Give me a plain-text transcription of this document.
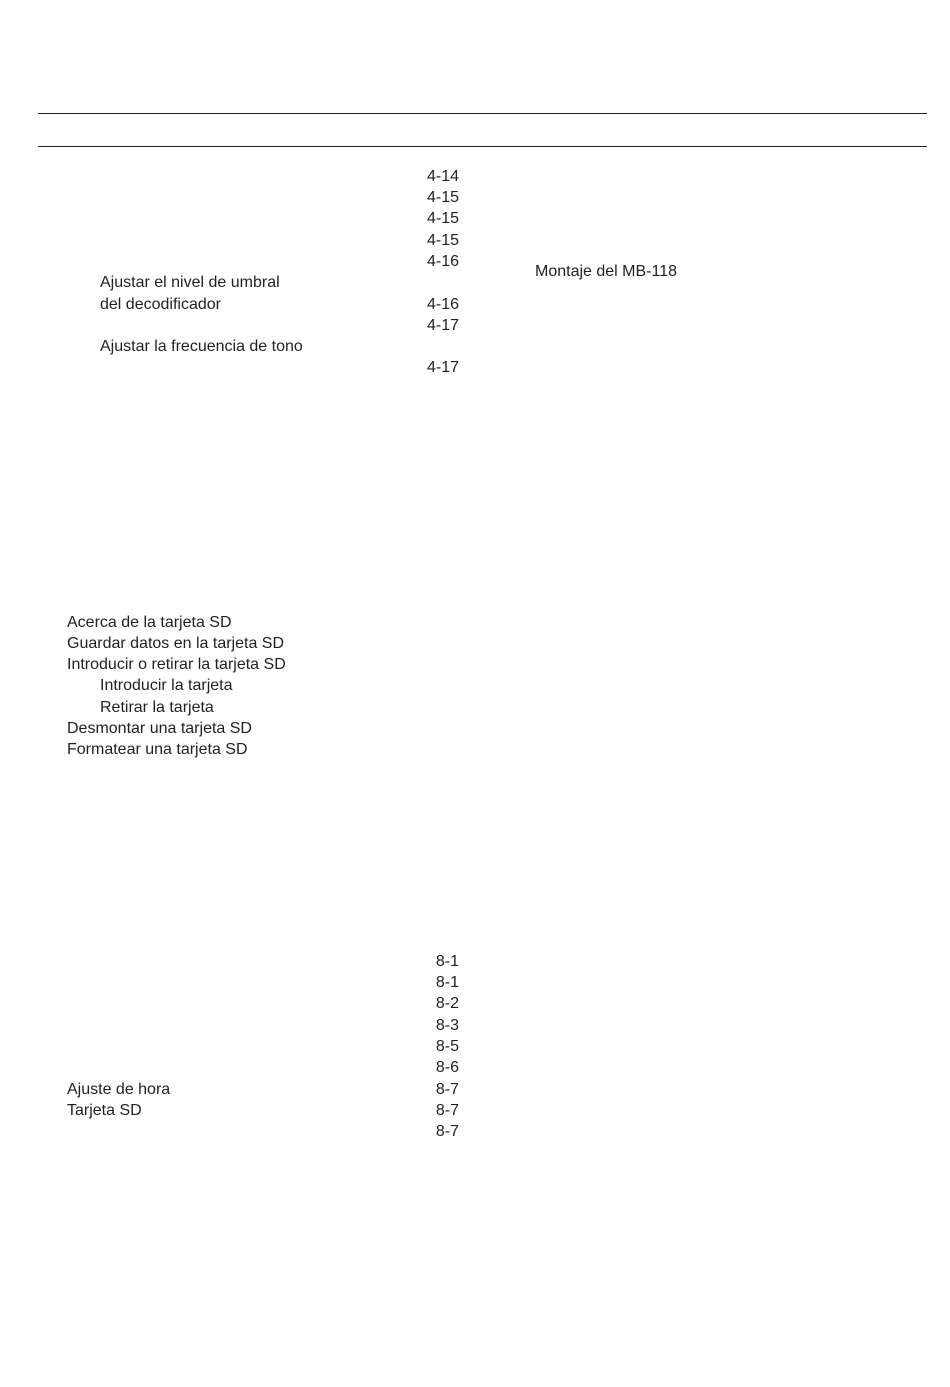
4-14
4-15
4-15
4-15
4-16
4-16
4-17
4-17
Ajustar el nivel de umbral
del decodificador
Ajustar la frecuencia de tono
Montaje del MB-118
Acerca de la tarjeta SD
Guardar datos en la tarjeta SD
Introducir o retirar la tarjeta SD
Introducir la tarjeta
Retirar la tarjeta
Desmontar una tarjeta SD
Formatear una tarjeta SD
8-1
8-1
8-2
8-3
8-5
8-6
8-7
8-7
8-7
Ajuste de hora
Tarjeta SD
